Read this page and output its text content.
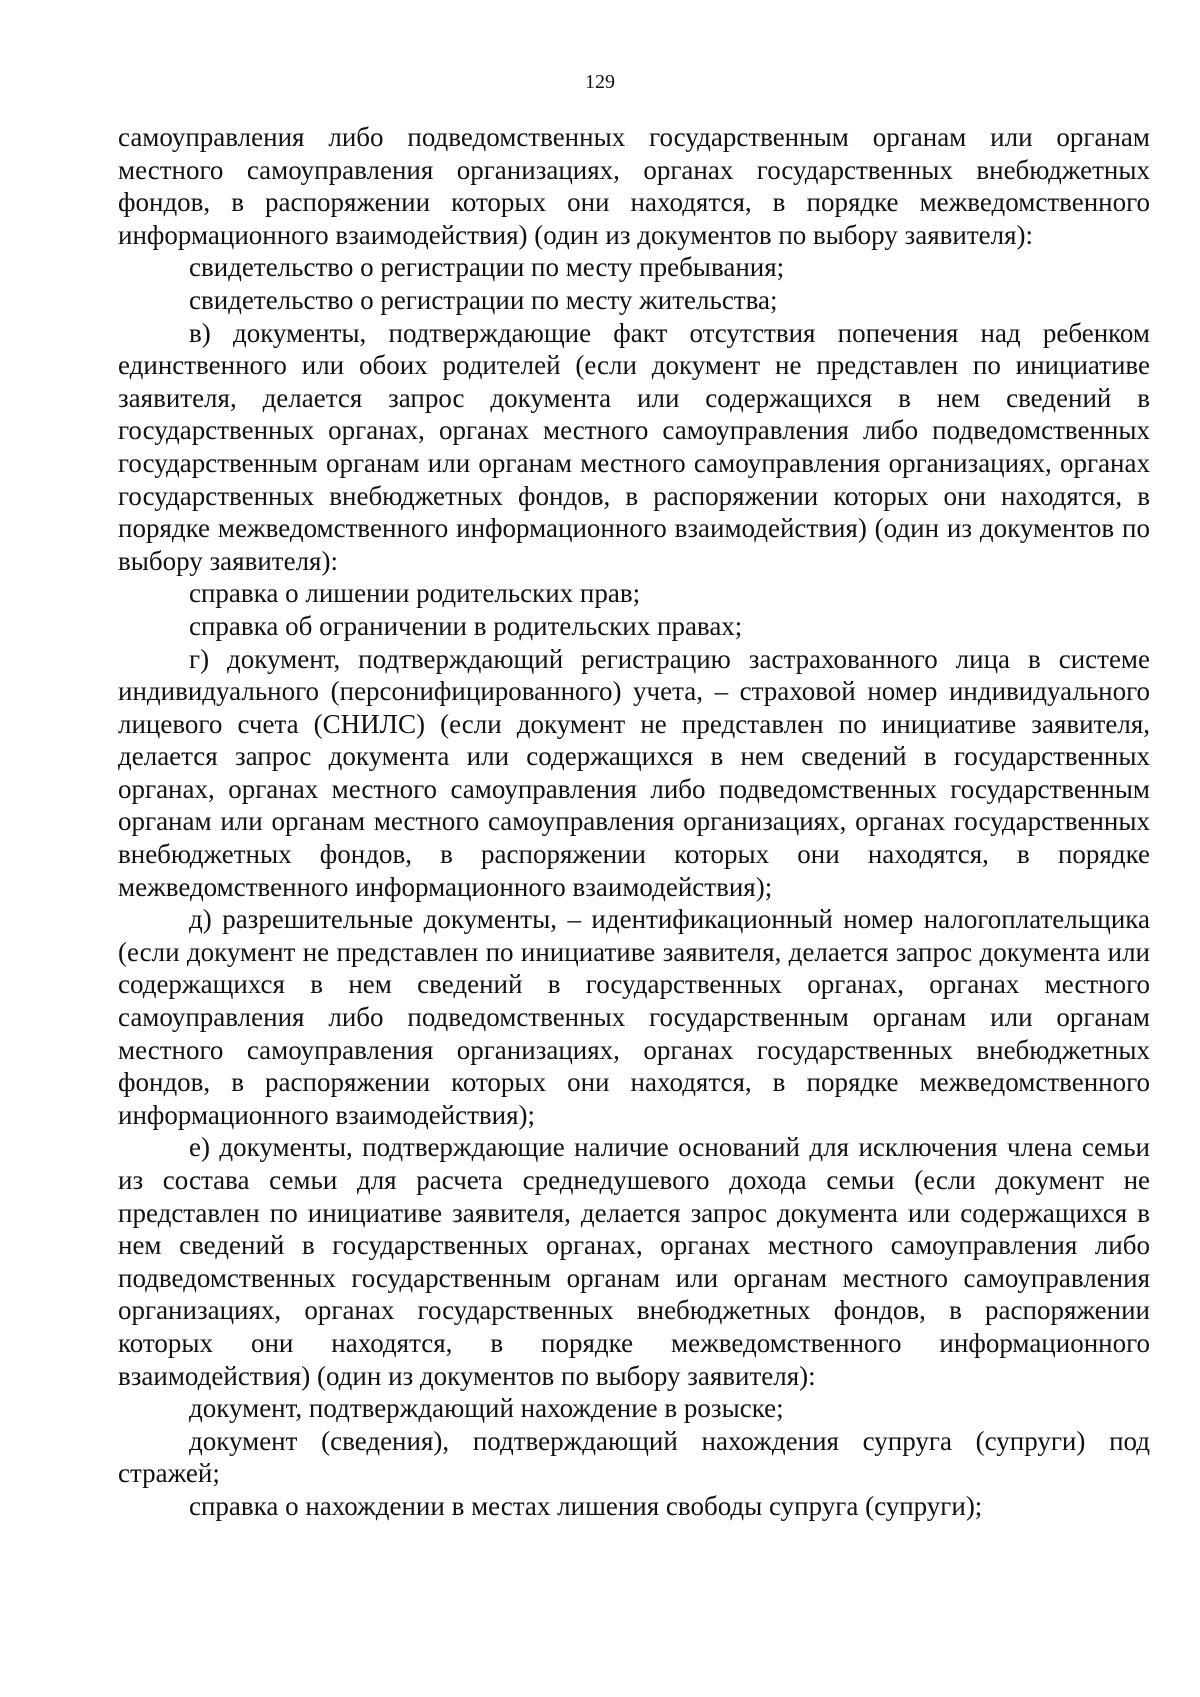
129

самоуправления либо подведомственных государственным органам или органам местного самоуправления организациях, органах государственных внебюджетных фондов, в распоряжении которых они находятся, в порядке межведомственного информационного взаимодействия) (один из документов по выбору заявителя):

свидетельство о регистрации по месту пребывания;

свидетельство о регистрации по месту жительства;

в) документы, подтверждающие факт отсутствия попечения над ребенком единственного или обоих родителей (если документ не представлен по инициативе заявителя, делается запрос документа или содержащихся в нем сведений в государственных органах, органах местного самоуправления либо подведомственных государственным органам или органам местного самоуправления организациях, органах государственных внебюджетных фондов, в распоряжении которых они находятся, в порядке межведомственного информационного взаимодействия) (один из документов по выбору заявителя):

справка о лишении родительских прав;

справка об ограничении в родительских правах;

г) документ, подтверждающий регистрацию застрахованного лица в системе индивидуального (персонифицированного) учета, – страховой номер индивидуального лицевого счета (СНИЛС) (если документ не представлен по инициативе заявителя, делается запрос документа или содержащихся в нем сведений в государственных органах, органах местного самоуправления либо подведомственных государственным органам или органам местного самоуправления организациях, органах государственных внебюджетных фондов, в распоряжении которых они находятся, в порядке межведомственного информационного взаимодействия);

д) разрешительные документы, – идентификационный номер налогоплательщика (если документ не представлен по инициативе заявителя, делается запрос документа или содержащихся в нем сведений в государственных органах, органах местного самоуправления либо подведомственных государственным органам или органам местного самоуправления организациях, органах государственных внебюджетных фондов, в распоряжении которых они находятся, в порядке межведомственного информационного взаимодействия);

е) документы, подтверждающие наличие оснований для исключения члена семьи из состава семьи для расчета среднедушевого дохода семьи (если документ не представлен по инициативе заявителя, делается запрос документа или содержащихся в нем сведений в государственных органах, органах местного самоуправления либо подведомственных государственным органам или органам местного самоуправления организациях, органах государственных внебюджетных фондов, в распоряжении которых они находятся, в порядке межведомственного информационного взаимодействия) (один из документов по выбору заявителя):

документ, подтверждающий нахождение в розыске;

документ (сведения), подтверждающий нахождения супруга (супруги) под стражей;

справка о нахождении в местах лишения свободы супруга (супруги);
